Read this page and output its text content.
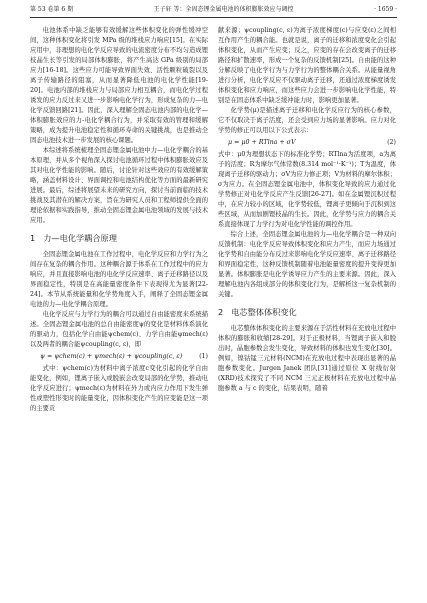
第 53 卷第 6 期	王子轩 等：全固态锂金属电池的体积膨胀效应与调控	· 1659 ·

电池体系中缺乏能够有效缓解这些体积变化的弹性缓冲空间，这种体积变化将引发 MPa 级的堆栈应力响应[15]。在实际应用中，非理想的电化学反应导致的电流密度分布不均匀造成锂枝晶生长等引发的局部体积膨胀，将产生高达 GPa 级别的局部应力[16-18]。这些应力可能导致界面失效、活性颗粒破裂以及离子传输路径的阻塞，从而显著降低电池的电化学性能[19-20]。电池内部的堆栈应力与局部应力相互耦合，而电化学过程诱发的应力反过来又进一步影响电化学行为，形成复杂的力—电化学反馈回路[21]。因此，深入理解全固态电池内部的电化学—体积膨胀效应的力-电化学耦合行为，并采取有效的管理和缓解策略，成为提升电池稳定性和循环寿命的关键挑战，也是推动全固态电池技术进一步发展的核心课题。

本综述将系统梳理全固态锂金属电池中力—电化学耦合的基本原理，并从多个视角深入探讨电池循环过程中体积膨胀效应及其对电化学性能的影响。随后，讨论针对这些效应的有效缓解策略，涵盖材料设计、界面调控和电池结构优化等方面的最新研究进展。最后，综述将展望未来的研究方向，探讨当前面临的技术挑战及其潜在的解决方案，旨在为研究人员和工程师提供全面的理论依据和实践指导，推动全固态锂金属电池领域的发展与技术应用。

1 力—电化学耦合原理

全固态锂金属电池在工作过程中，电化学反应和力学行为之间存在复杂的耦合作用。这种耦合源于体系在工作过程中的应力响应，并且直接影响电池的电化学反应速率、离子迁移路径以及界面稳定性，特别是在高能量密度条件下表现得尤为显著[22-24]。本节从系统能量和化学势角度入手，阐释了全固态锂金属电池的力—电化学耦合原理。

电化学反应与力学行为的耦合可以通过自由能密度来系统描述。全固态锂金属电池的总自由能密度ψ的变化是材料体系演化的驱动力，包括化学自由能ψchem(c)、力学自由能ψmech(ε)以及两者的耦合能ψcoupling(c, ε)，即

ψ = ψchem(c) + ψmech(ε) + ψcoupling(c, ε)	(1)

式中：ψchem(c)为材料中离子浓度c变化引起的化学自由能变化，例如，锂离子嵌入或脱嵌会改变局部的化学势，推动电化学反应进行；ψmech(ε)为材料在外力或内应力作用下发生弹性或塑性形变时的能量变化，因体积变化产生的应变能是这一项的主要贡

献来源；ψcoupling(c, ε)为离子浓度梯度(c)与应变(ε)之间相互作用产生的耦合能。也就是说，离子的迁移和浓度变化会引起体积变化，从而产生应变；反之，应变的存在会改变离子的迁移路径和扩散速率，形成一个复杂的反馈机制[25]。自由能的这种分解反映了电化学行为与力学行为的整体耦合关系。从能量视角进行分析，电化学反应不仅驱动离子迁移，还通过浓度梯度诱发体积变化和应力响应，而这些应力会进一步影响电化学性能，特别是在固态体系中缺乏缓冲能力时，影响更加显著。

化学势(μ)是描述离子迁移和电化学反应行为的核心参数，它不仅取决于离子活度，还会受到应力场的显著影响。应力对化学势的修正可以用以下公式表示：

μ = μ0 + RTlna + σV	(2)

式中：μ0为理想状态下的标准化学势；RTlna为活度项，a为离子的活度；R为摩尔气体常数(8.314 mol⁻¹·K⁻¹)；T为温度，体现离子迁移的驱动力；σV为应力修正项；V为材料的摩尔体积；σ为应力。在全固态锂金属电池中，体积变化导致的应力通过化学势修正对电化学反应产生反馈[26-27]。如在金属锂沉积过程中，在应力较小的区域，化学势较低，锂离子更倾向于沉积到这些区域，从而加剧锂枝晶的生长。因此，化学势与应力的耦合关系直接体现了力学行为对电化学性能的调控作用。

综合上述，全固态锂金属电池的力—电化学耦合是一种双向反馈机制：电化学反应导致体积变化和应力产生，而应力场通过化学势和自由能分布反过来影响电化学反应速率、离子迁移路径和界面稳定性，这种反馈机制随着电池能量密度的提升变得更加显著。体积膨胀是电化学诱导应力产生的主要来源。因此，深入理解电池内各组成部分的体积变化行为，是解析这一复杂机制的关键。

2 电芯整体体积变化

电芯整体体积变化的主要来源在于活性材料在充放电过程中体积的膨胀和收缩[28-29]。对于正极材料，当锂离子嵌入和脱出时，晶胞参数会发生变化，导致材料的体积也发生变化[30]。例如，镍钴锰三元材料(NCM)在充放电过程中表现出显著的晶胞参数变化。Jurgen Janek 团队[31]通过原位 X 射线衍射(XRD)技术探究了不同 NCM 三元正极材料在充放电过程中晶胞参数 a 与 c 的变化，结果表明，随着
